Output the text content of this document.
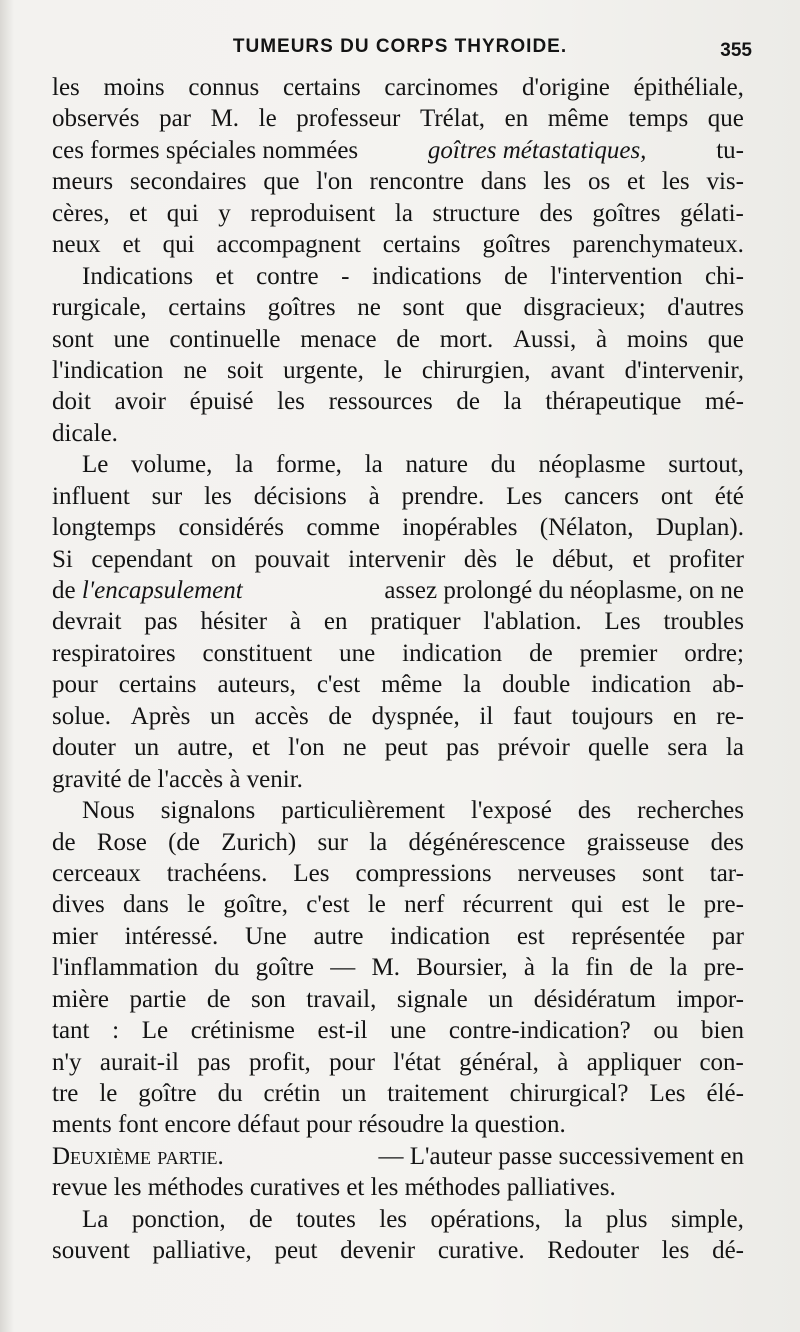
TUMEURS DU CORPS THYROIDE.	355
les moins connus certains carcinomes d'origine épithéliale,
observés par M. le professeur Trélat, en même temps que
ces formes spéciales nommées	goîtres métastatiques,	tu-
meurs secondaires que l'on rencontre dans les os et les vis-
cères, et qui y reproduisent la structure des goîtres gélati-
neux et qui accompagnent certains goîtres parenchymateux.
Indications et contre - indications de l'intervention chi-
rurgicale, certains goîtres ne sont que disgracieux; d'autres
sont une continuelle menace de mort. Aussi, à moins que
l'indication ne soit urgente, le chirurgien, avant d'intervenir,
doit avoir épuisé les ressources de la thérapeutique mé-
dicale.
Le volume, la forme, la nature du néoplasme surtout,
influent sur les décisions à prendre. Les cancers ont été
longtemps considérés comme inopérables (Nélaton, Duplan).
Si cependant on pouvait intervenir dès le début, et profiter
de l'encapsulement	assez prolongé du néoplasme, on ne
devrait pas hésiter à en pratiquer l'ablation. Les troubles
respiratoires constituent une indication de premier ordre;
pour certains auteurs, c'est même la double indication ab-
solue. Après un accès de dyspnée, il faut toujours en re-
douter un autre, et l'on ne peut pas prévoir quelle sera la
gravité de l'accès à venir.
Nous signalons particulièrement l'exposé des recherches
de Rose (de Zurich) sur la dégénérescence graisseuse des
cerceaux trachéens. Les compressions nerveuses sont tar-
dives dans le goître, c'est le nerf récurrent qui est le pre-
mier intéressé. Une autre indication est représentée par
l'inflammation du goître — M. Boursier, à la fin de la pre-
mière partie de son travail, signale un désidératum impor-
tant : Le crétinisme est-il une contre-indication? ou bien
n'y aurait-il pas profit, pour l'état général, à appliquer con-
tre le goître du crétin un traitement chirurgical? Les élé-
ments font encore défaut pour résoudre la question.
Deuxième partie.	— L'auteur passe successivement en
revue les méthodes curatives et les méthodes palliatives.
La ponction, de toutes les opérations, la plus simple,
souvent palliative, peut devenir curative. Redouter les dé-
